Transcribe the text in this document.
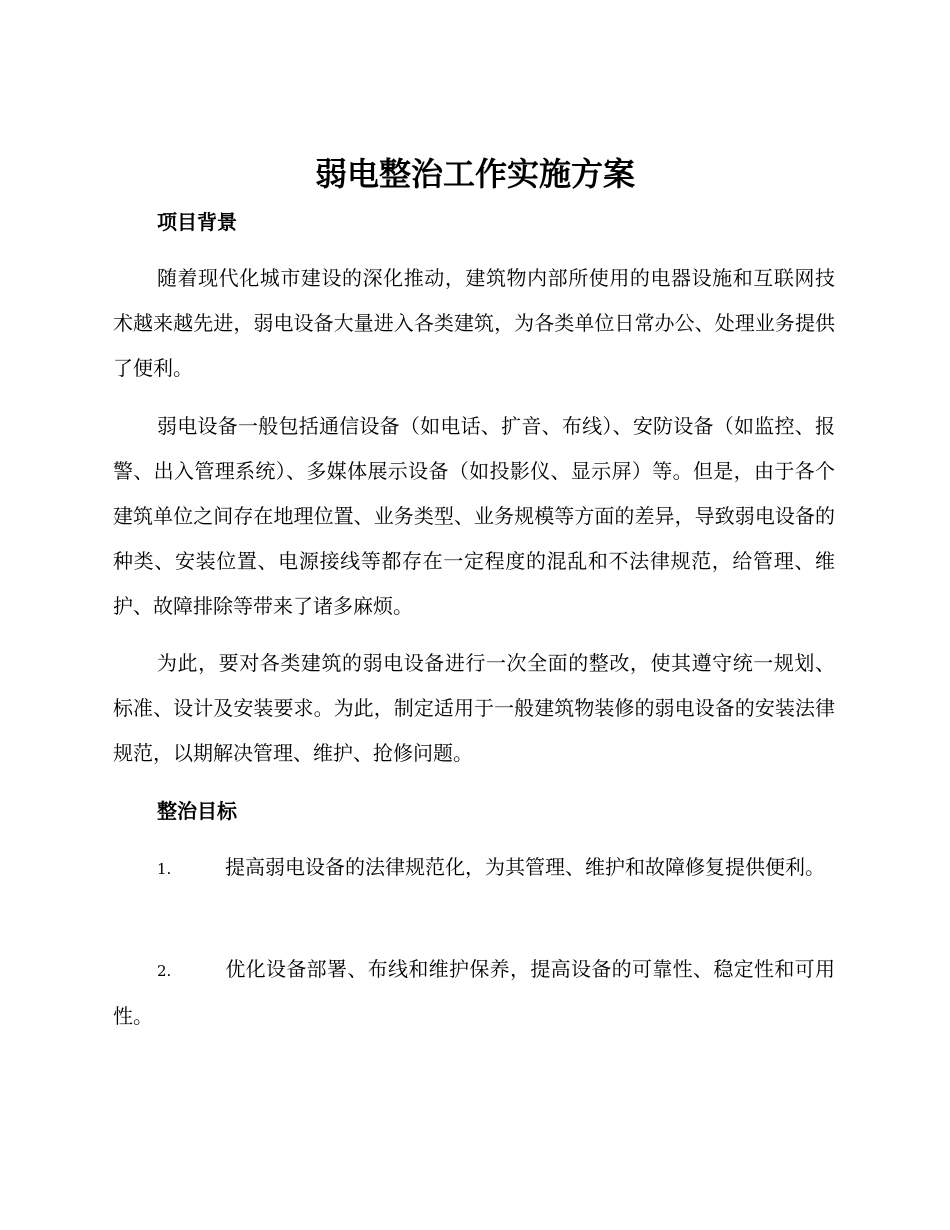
弱电整治工作实施方案
项目背景

随着现代化城市建设的深化推动，建筑物内部所使用的电器设施和互联网技术越来越先进，弱电设备大量进入各类建筑，为各类单位日常办公、处理业务提供了便利。

弱电设备一般包括通信设备（如电话、扩音、布线）、安防设备（如监控、报警、出入管理系统）、多媒体展示设备（如投影仪、显示屏）等。但是，由于各个建筑单位之间存在地理位置、业务类型、业务规模等方面的差异，导致弱电设备的种类、安装位置、电源接线等都存在一定程度的混乱和不法律规范，给管理、维护、故障排除等带来了诸多麻烦。

为此，要对各类建筑的弱电设备进行一次全面的整改，使其遵守统一规划、标准、设计及安装要求。为此，制定适用于一般建筑物装修的弱电设备的安装法律规范，以期解决管理、维护、抢修问题。

整治目标

1.	提高弱电设备的法律规范化，为其管理、维护和故障修复提供便利。

2.	优化设备部署、布线和维护保养，提高设备的可靠性、稳定性和可用性。
